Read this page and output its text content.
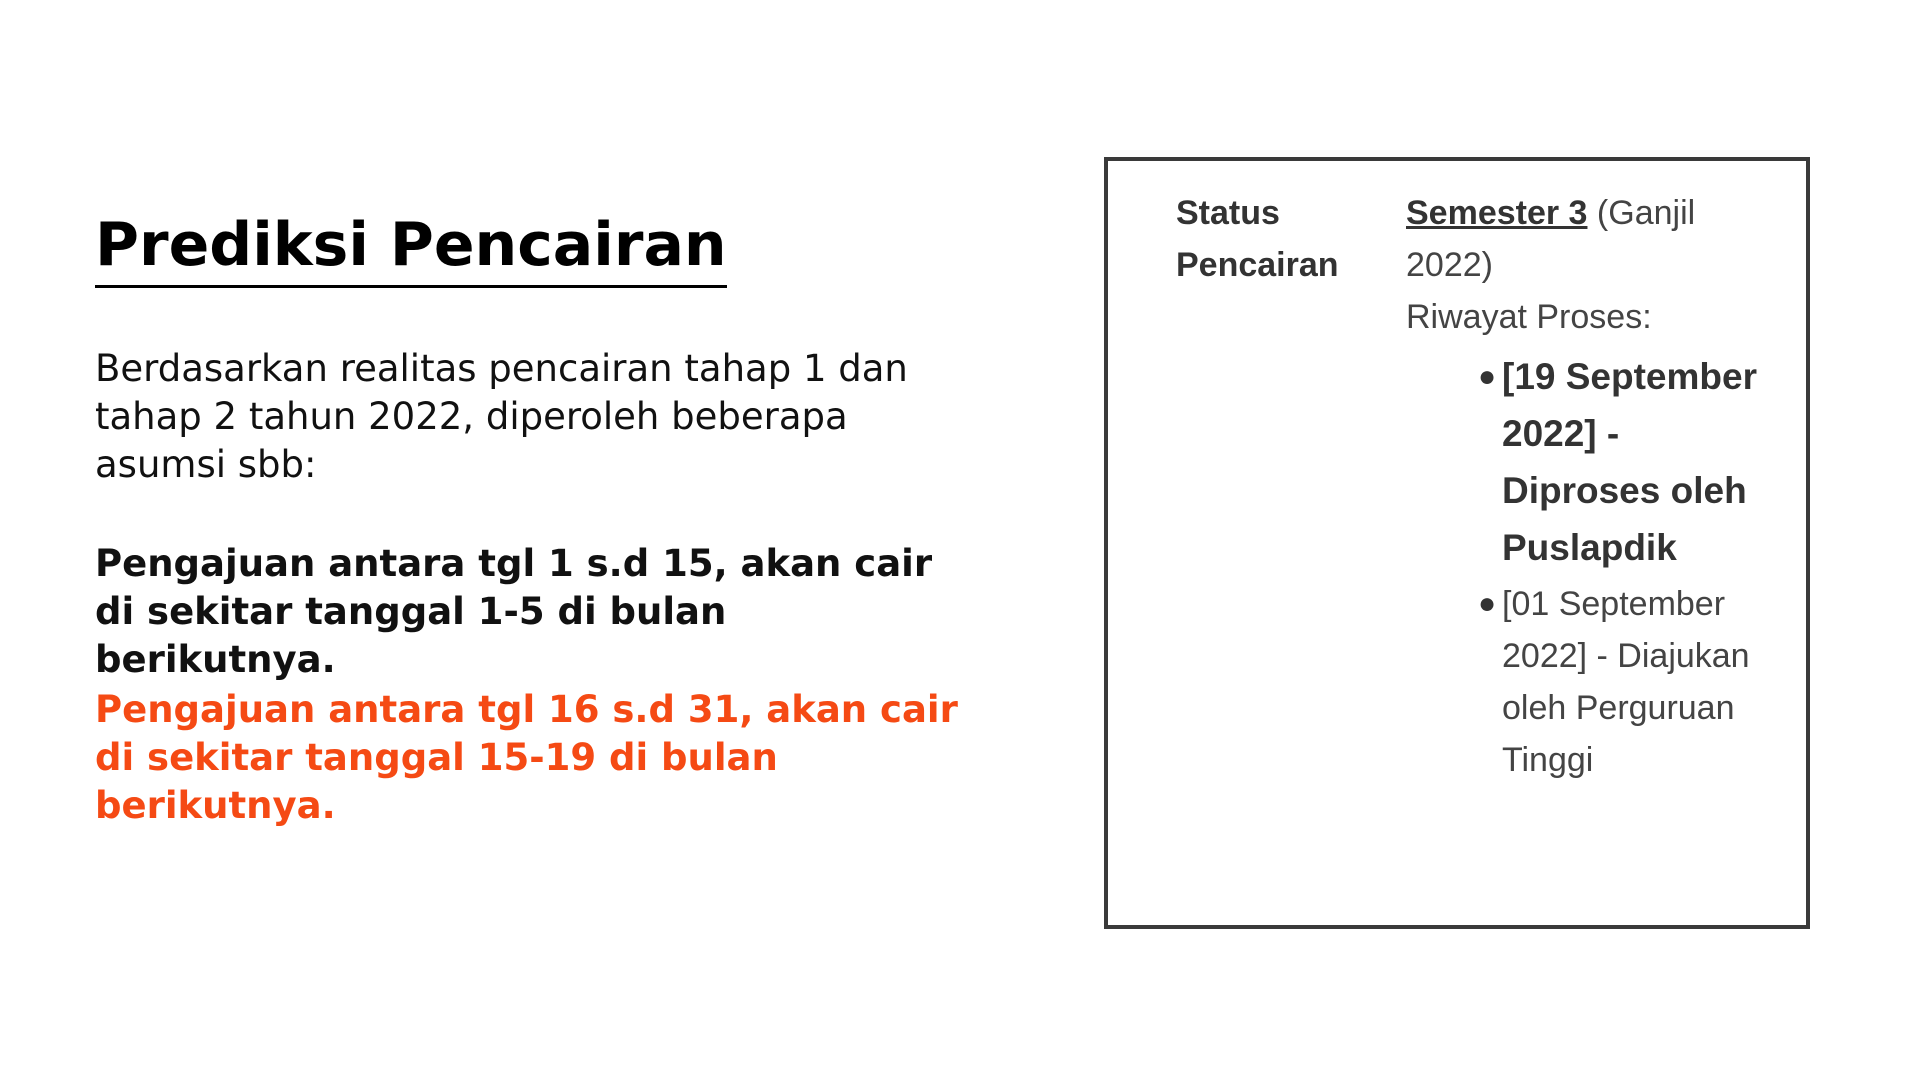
Prediksi Pencairan

Berdasarkan realitas pencairan tahap 1 dan tahap 2 tahun 2022, diperoleh beberapa asumsi sbb:

Pengajuan antara tgl 1 s.d 15, akan cair di sekitar tanggal 1-5 di bulan berikutnya.

Pengajuan antara tgl 16 s.d 31, akan cair di sekitar tanggal 15-19 di bulan berikutnya.

Status Pencairan
Semester 3 (Ganjil 2022)
Riwayat Proses:
● [19 September 2022] - Diproses oleh Puslapdik
● [01 September 2022] - Diajukan oleh Perguruan Tinggi
